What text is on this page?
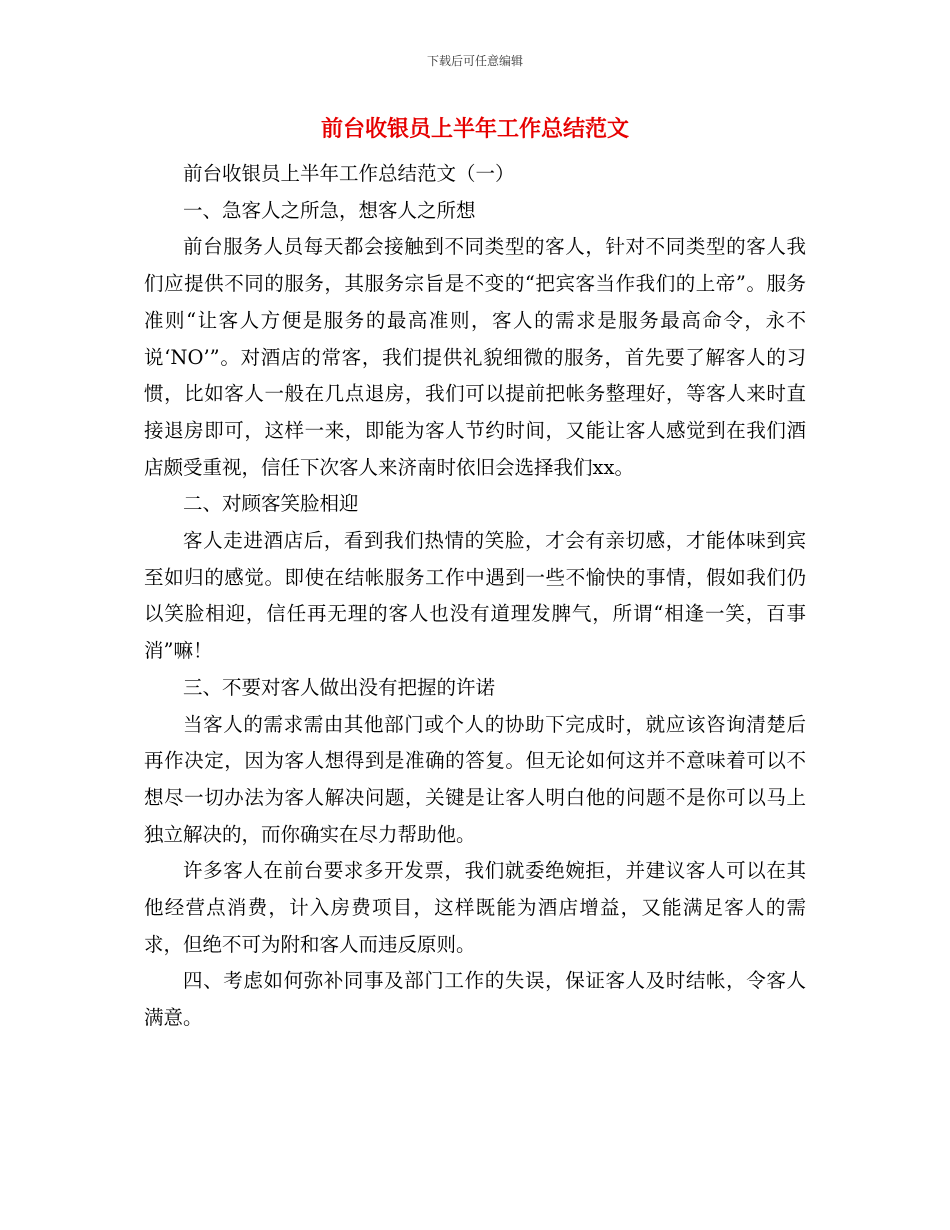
下载后可任意编辑
前台收银员上半年工作总结范文

前台收银员上半年工作总结范文（一）

一、急客人之所急，想客人之所想

前台服务人员每天都会接触到不同类型的客人，针对不同类型的客人我们应提供不同的服务，其服务宗旨是不变的“把宾客当作我们的上帝”。服务准则“让客人方便是服务的最高准则，客人的需求是服务最高命令，永不说‘NO’”。对酒店的常客，我们提供礼貌细微的服务，首先要了解客人的习惯，比如客人一般在几点退房，我们可以提前把帐务整理好，等客人来时直接退房即可，这样一来，即能为客人节约时间，又能让客人感觉到在我们酒店颇受重视，信任下次客人来济南时依旧会选择我们xx。

二、对顾客笑脸相迎

客人走进酒店后，看到我们热情的笑脸，才会有亲切感，才能体味到宾至如归的感觉。即使在结帐服务工作中遇到一些不愉快的事情，假如我们仍以笑脸相迎，信任再无理的客人也没有道理发脾气，所谓“相逢一笑，百事消”嘛！

三、不要对客人做出没有把握的许诺

当客人的需求需由其他部门或个人的协助下完成时，就应该咨询清楚后再作决定，因为客人想得到是准确的答复。但无论如何这并不意味着可以不想尽一切办法为客人解决问题，关键是让客人明白他的问题不是你可以马上独立解决的，而你确实在尽力帮助他。

许多客人在前台要求多开发票，我们就委绝婉拒，并建议客人可以在其他经营点消费，计入房费项目，这样既能为酒店增益，又能满足客人的需求，但绝不可为附和客人而违反原则。

四、考虑如何弥补同事及部门工作的失误，保证客人及时结帐，令客人满意。
